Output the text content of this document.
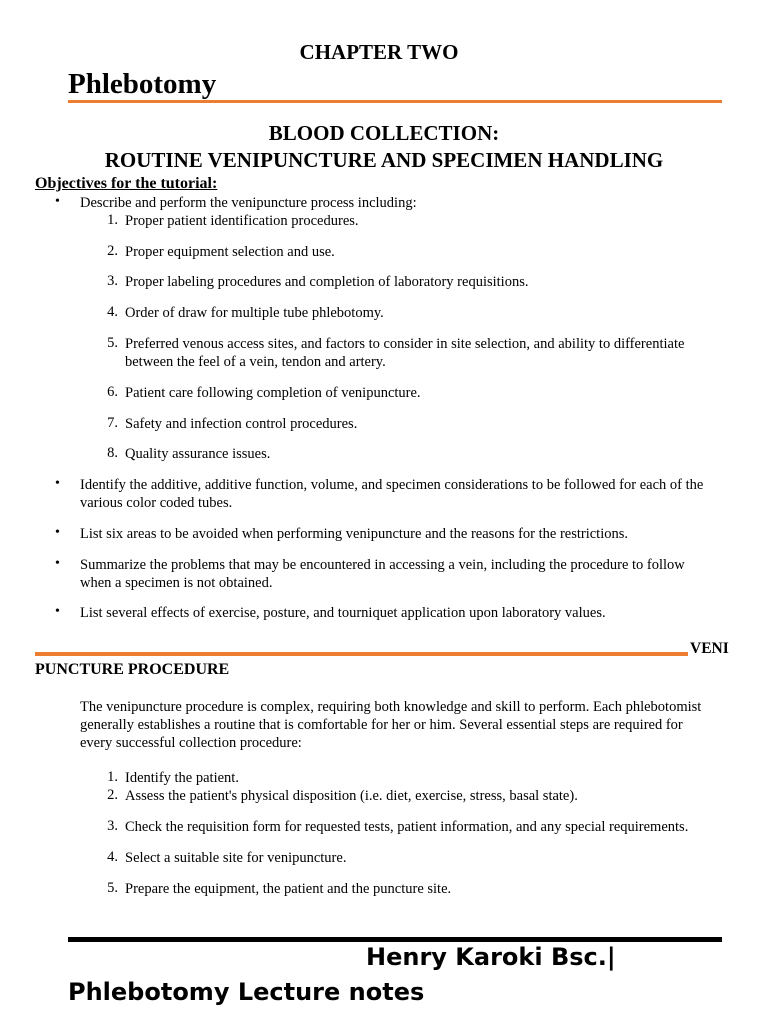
CHAPTER TWO
Phlebotomy
BLOOD COLLECTION:
ROUTINE VENIPUNCTURE AND SPECIMEN HANDLING
Objectives for the tutorial:
• Describe and perform the venipuncture process including:
1. Proper patient identification procedures.
2. Proper equipment selection and use.
3. Proper labeling procedures and completion of laboratory requisitions.
4. Order of draw for multiple tube phlebotomy.
5. Preferred venous access sites, and factors to consider in site selection, and ability to differentiate
between the feel of a vein, tendon and artery.
6. Patient care following completion of venipuncture.
7. Safety and infection control procedures.
8. Quality assurance issues.
• Identify the additive, additive function, volume, and specimen considerations to be followed for each of the
various color coded tubes.
• List six areas to be avoided when performing venipuncture and the reasons for the restrictions.
• Summarize the problems that may be encountered in accessing a vein, including the procedure to follow
when a specimen is not obtained.
• List several effects of exercise, posture, and tourniquet application upon laboratory values.
VENI
PUNCTURE PROCEDURE
The venipuncture procedure is complex, requiring both knowledge and skill to perform. Each phlebotomist
generally establishes a routine that is comfortable for her or him. Several essential steps are required for
every successful collection procedure:
1. Identify the patient.
2. Assess the patient's physical disposition (i.e. diet, exercise, stress, basal state).
3. Check the requisition form for requested tests, patient information, and any special requirements.
4. Select a suitable site for venipuncture.
5. Prepare the equipment, the patient and the puncture site.
Henry Karoki Bsc.|
Phlebotomy Lecture notes
